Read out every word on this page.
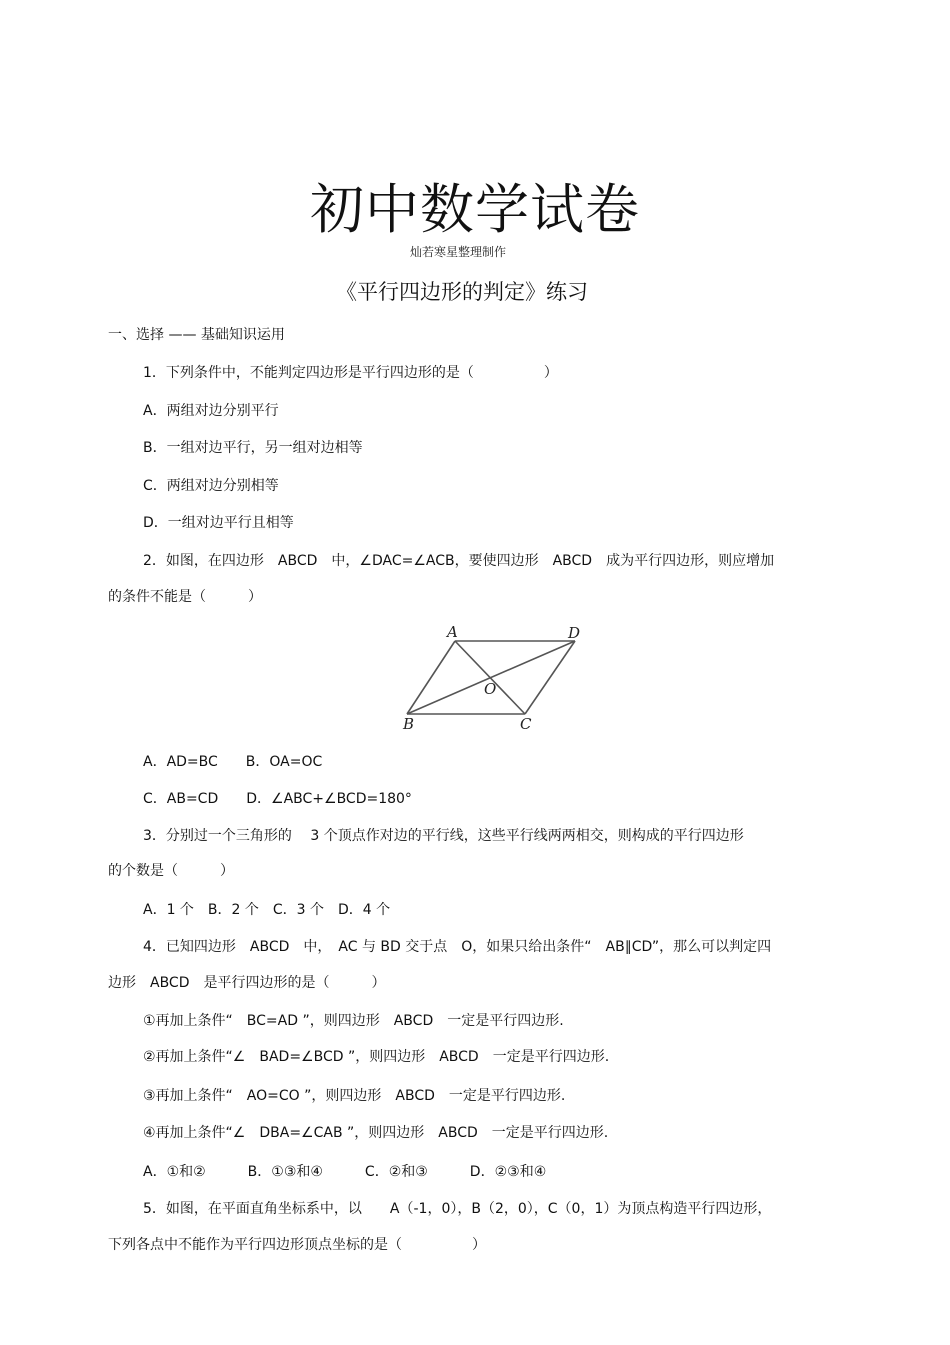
初中数学试卷
灿若寒星整理制作
《平行四边形的判定》练习
一、选择 —— 基础知识运用
1．下列条件中，不能判定四边形是平行四边形的是（　　　　　）
A．两组对边分别平行
B．一组对边平行，另一组对边相等
C．两组对边分别相等
D．一组对边平行且相等
2．如图，在四边形　ABCD　中，∠DAC=∠ACB，要使四边形　ABCD　成为平行四边形，则应增加
的条件不能是（　　　）
A	D
O
B	C
A．AD=BC　　B．OA=OC
C．AB=CD　　D．∠ABC+∠BCD=180°
3．分别过一个三角形的　 3 个顶点作对边的平行线，这些平行线两两相交，则构成的平行四边形
的个数是（　　　）
A．1 个　B．2 个　C．3 个　D．4 个
4．已知四边形　ABCD　中，　AC 与 BD 交于点　O，如果只给出条件“　AB∥CD”，那么可以判定四
边形　ABCD　是平行四边形的是（　　　）
①再加上条件“　BC=AD ”，则四边形　ABCD　一定是平行四边形.
②再加上条件“∠　BAD=∠BCD ”，则四边形　ABCD　一定是平行四边形.
③再加上条件“　AO=CO ”，则四边形　ABCD　一定是平行四边形.
④再加上条件“∠　DBA=∠CAB ”，则四边形　ABCD　一定是平行四边形.
A．①和②　　　B．①③和④　　　C．②和③　　　D．②③和④
5．如图，在平面直角坐标系中，以　　A（-1，0），B（2，0），C（0，1）为顶点构造平行四边形，
下列各点中不能作为平行四边形顶点坐标的是（　　　　　）
